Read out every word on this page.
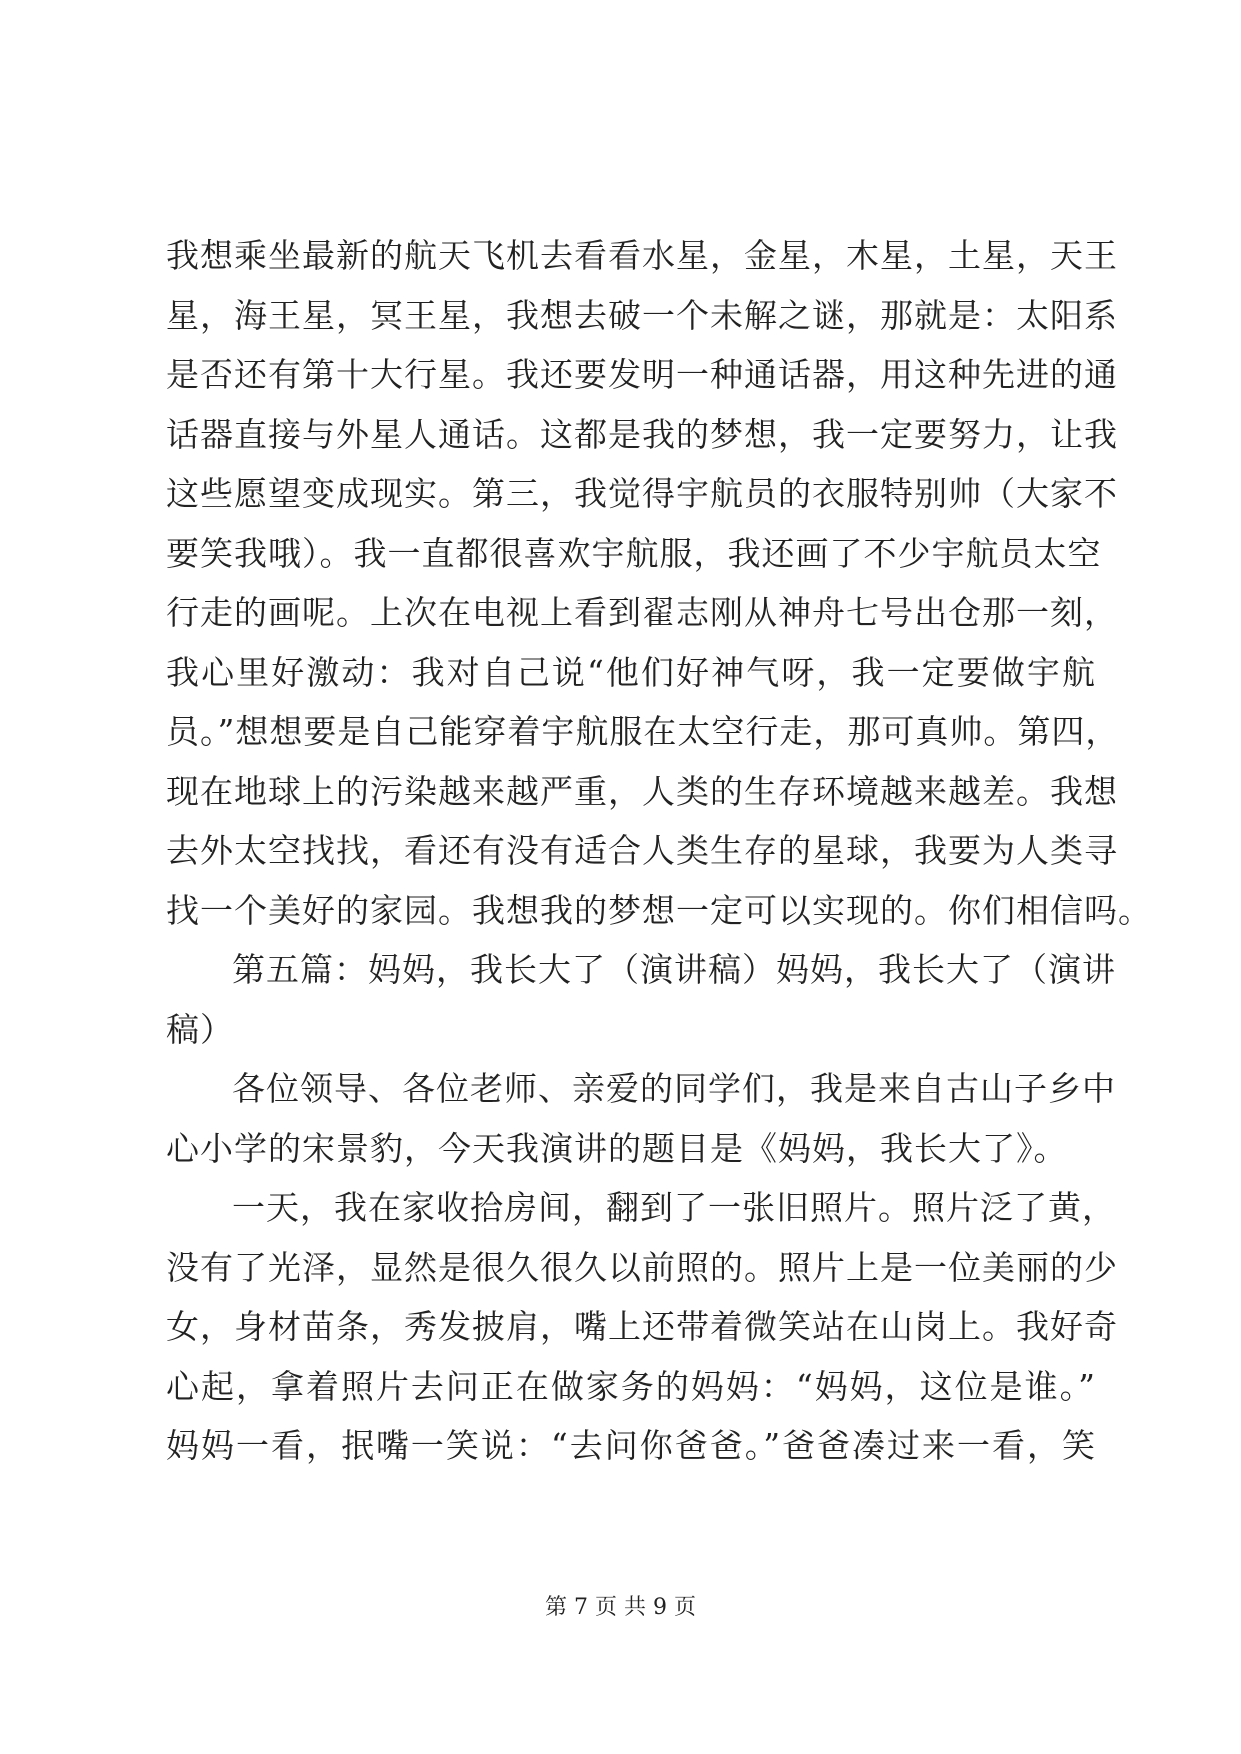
我想乘坐最新的航天飞机去看看水星，金星，木星，土星，天王
星，海王星，冥王星，我想去破一个未解之谜，那就是：太阳系
是否还有第十大行星。我还要发明一种通话器，用这种先进的通
话器直接与外星人通话。这都是我的梦想，我一定要努力，让我
这些愿望变成现实。第三，我觉得宇航员的衣服特别帅（大家不
要笑我哦）。我一直都很喜欢宇航服，我还画了不少宇航员太空
行走的画呢。上次在电视上看到翟志刚从神舟七号出仓那一刻，
我心里好激动：我对自己说“他们好神气呀，我一定要做宇航
员。”想想要是自己能穿着宇航服在太空行走，那可真帅。第四，
现在地球上的污染越来越严重，人类的生存环境越来越差。我想
去外太空找找，看还有没有适合人类生存的星球，我要为人类寻
找一个美好的家园。我想我的梦想一定可以实现的。你们相信吗。
第五篇：妈妈，我长大了（演讲稿）妈妈，我长大了（演讲
稿）
各位领导、各位老师、亲爱的同学们，我是来自古山子乡中
心小学的宋景豹，今天我演讲的题目是《妈妈，我长大了》。
一天，我在家收拾房间，翻到了一张旧照片。照片泛了黄，
没有了光泽，显然是很久很久以前照的。照片上是一位美丽的少
女，身材苗条，秀发披肩，嘴上还带着微笑站在山岗上。我好奇
心起，拿着照片去问正在做家务的妈妈：“妈妈，这位是谁。”
妈妈一看，抿嘴一笑说：“去问你爸爸。”爸爸凑过来一看，笑
第 7 页 共 9 页
